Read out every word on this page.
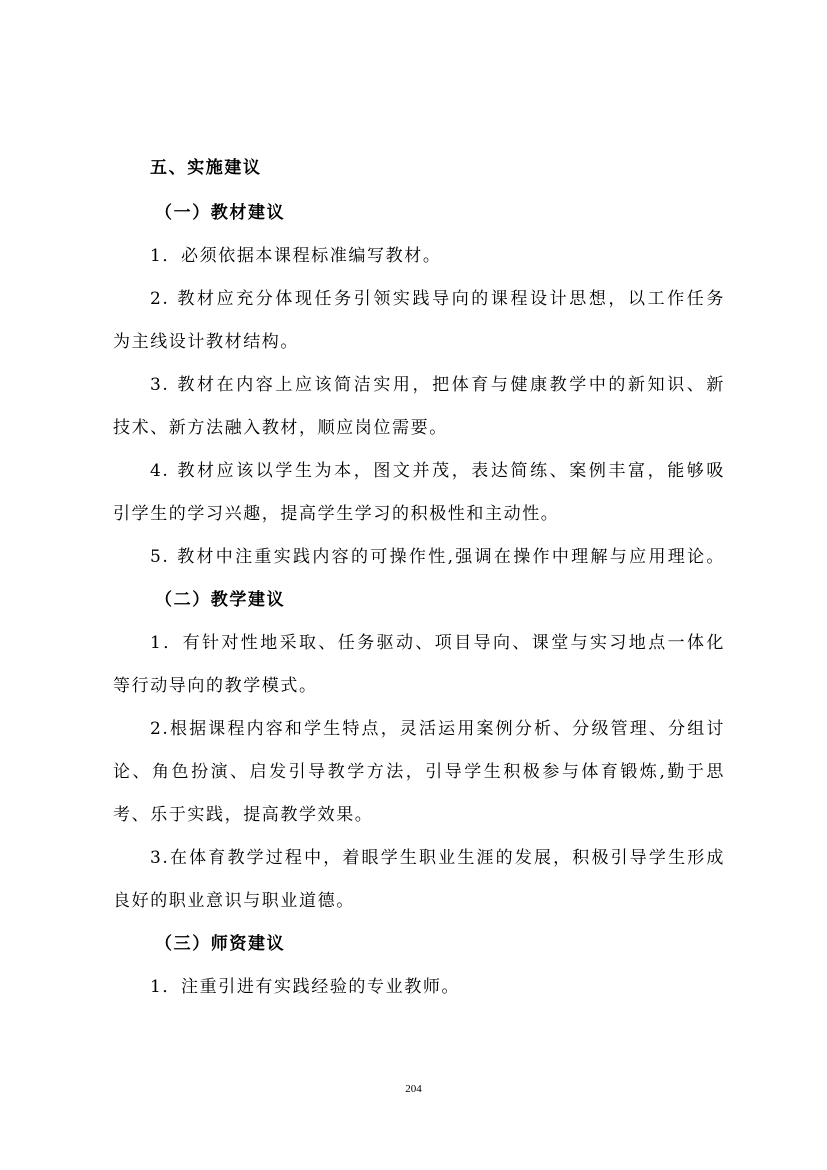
五、实施建议
（一）教材建议
1．必须依据本课程标准编写教材。
2. 教材应充分体现任务引领实践导向的课程设计思想，以工作任务
为主线设计教材结构。
3. 教材在内容上应该简洁实用，把体育与健康教学中的新知识、新
技术、新方法融入教材，顺应岗位需要。
4. 教材应该以学生为本，图文并茂，表达简练、案例丰富，能够吸
引学生的学习兴趣，提高学生学习的积极性和主动性。
5. 教材中注重实践内容的可操作性,强调在操作中理解与应用理论。
（二）教学建议
1．有针对性地采取、任务驱动、项目导向、课堂与实习地点一体化
等行动导向的教学模式。
2.根据课程内容和学生特点，灵活运用案例分析、分级管理、分组讨
论、角色扮演、启发引导教学方法，引导学生积极参与体育锻炼,勤于思
考、乐于实践，提高教学效果。
3.在体育教学过程中，着眼学生职业生涯的发展，积极引导学生形成
良好的职业意识与职业道德。
（三）师资建议
1．注重引进有实践经验的专业教师。
204
